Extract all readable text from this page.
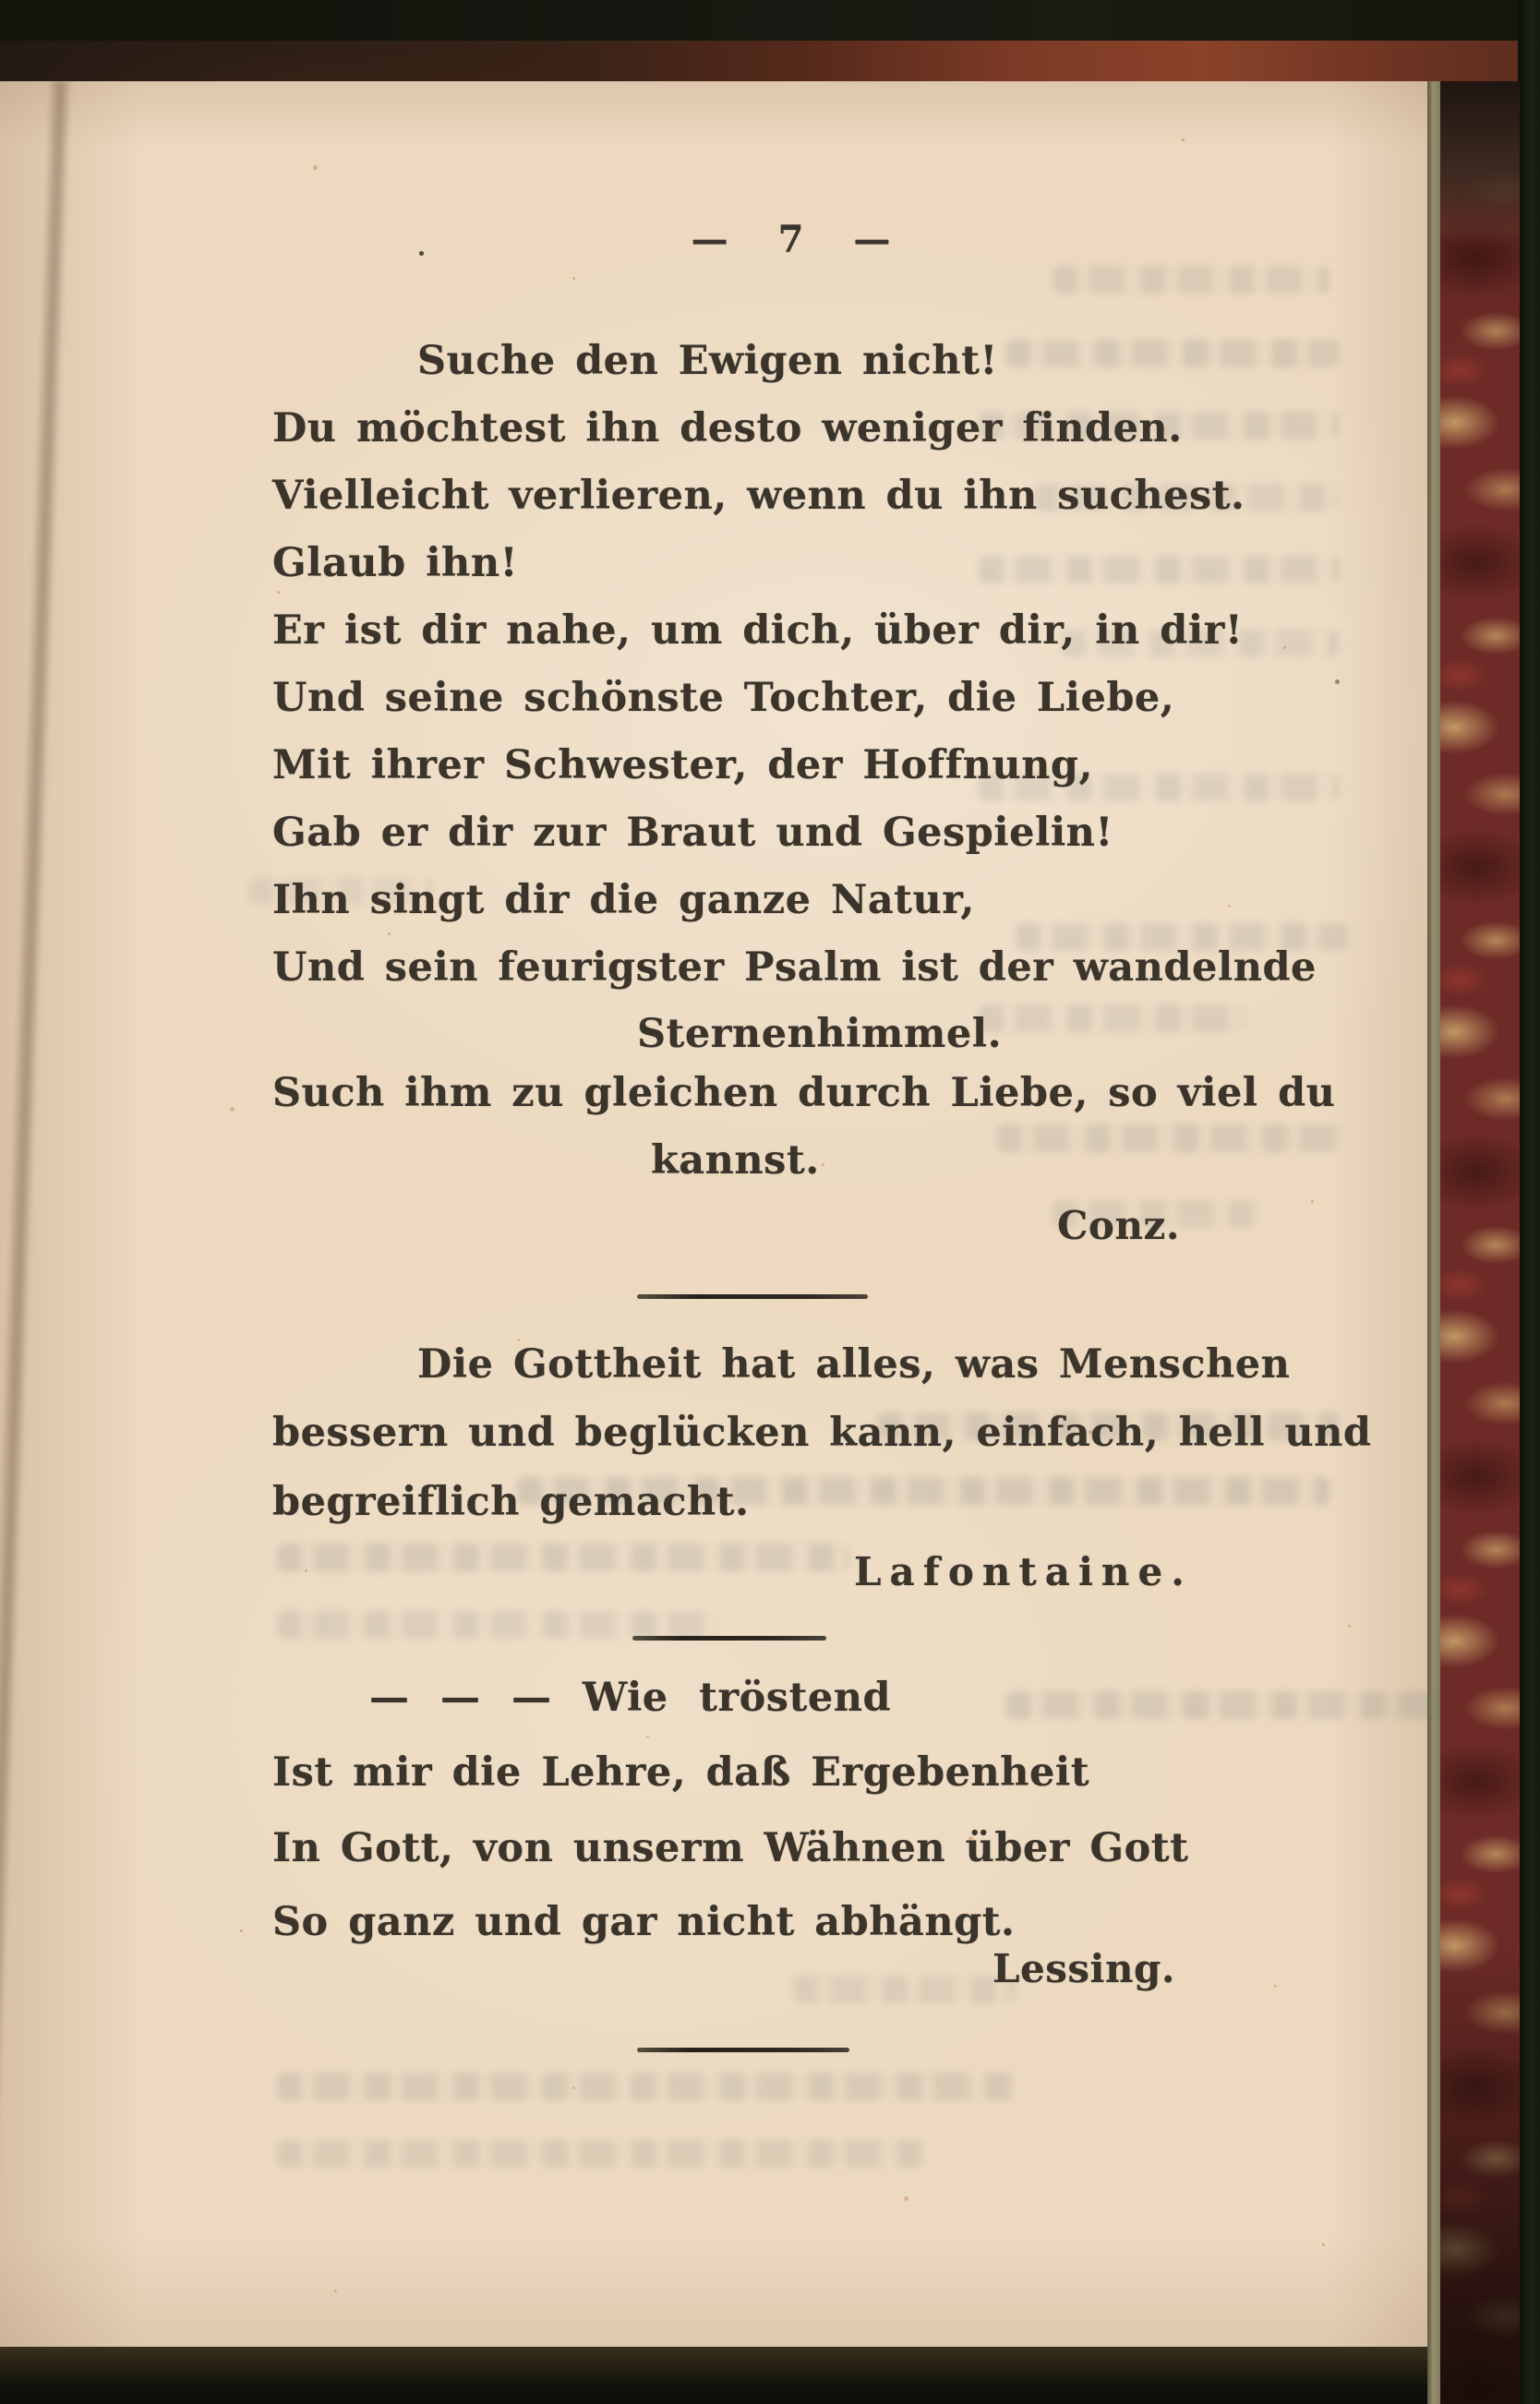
— 7 —
Suche den Ewigen nicht!
Du möchtest ihn desto weniger finden.
Vielleicht verlieren, wenn du ihn suchest.
Glaub ihn!
Er ist dir nahe, um dich, über dir, in dir!
Und seine schönste Tochter, die Liebe,
Mit ihrer Schwester, der Hoffnung,
Gab er dir zur Braut und Gespielin!
Ihn singt dir die ganze Natur,
Und sein feurigster Psalm ist der wandelnde
Sternenhimmel.
Such ihm zu gleichen durch Liebe, so viel du
kannst.
Conz.
Die Gottheit hat alles, was Menschen
bessern und beglücken kann, einfach, hell und
begreiflich gemacht.
Lafontaine.
— — — Wie tröstend
Ist mir die Lehre, daß Ergebenheit
In Gott, von unserm Wähnen über Gott
So ganz und gar nicht abhängt.
Lessing.
